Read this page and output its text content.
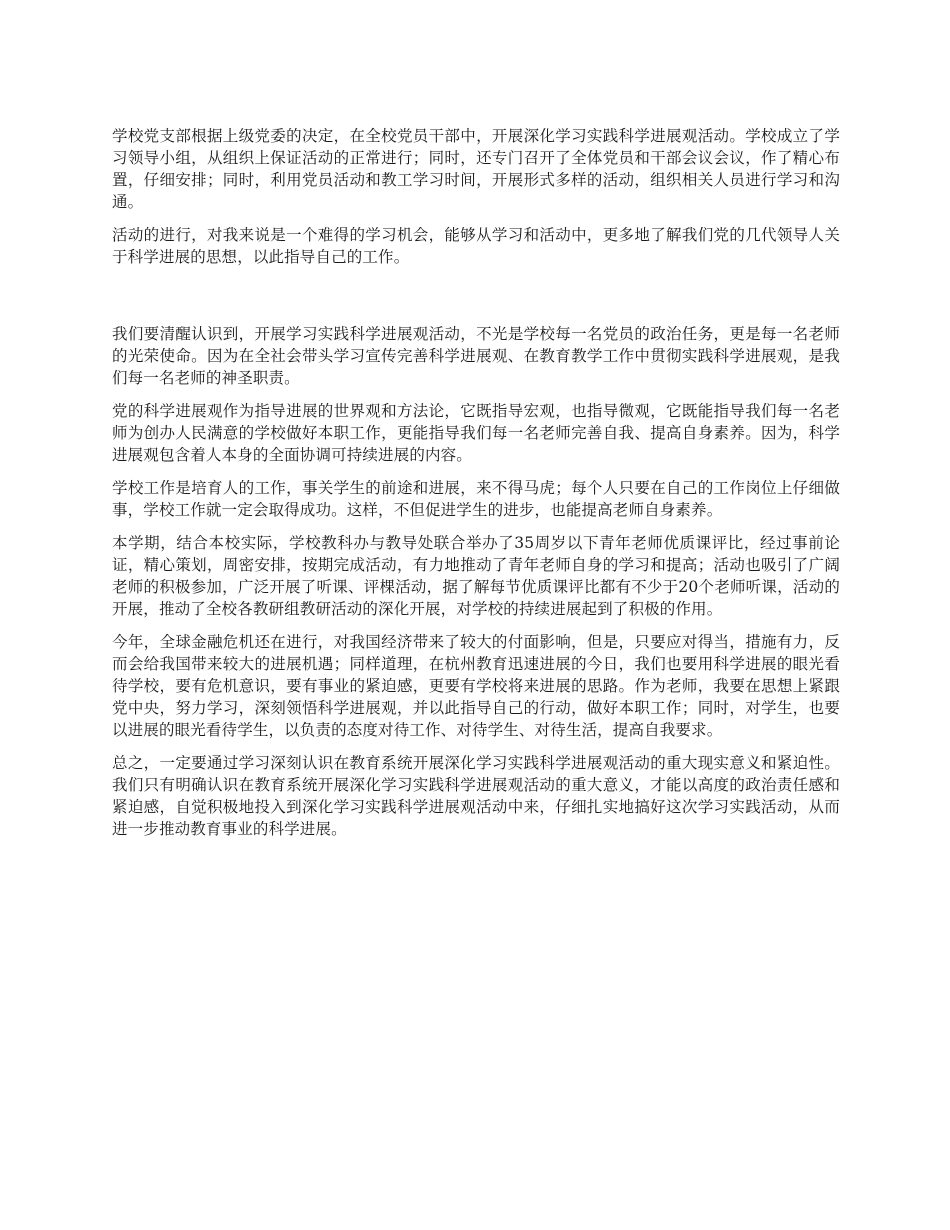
学校党支部根据上级党委的决定，在全校党员干部中，开展深化学习实践科学进展观活动。学校成立了学习领导小组，从组织上保证活动的正常进行；同时，还专门召开了全体党员和干部会议会议，作了精心布置，仔细安排；同时，利用党员活动和教工学习时间，开展形式多样的活动，组织相关人员进行学习和沟通。

活动的进行，对我来说是一个难得的学习机会，能够从学习和活动中，更多地了解我们党的几代领导人关于科学进展的思想，以此指导自己的工作。

我们要清醒认识到，开展学习实践科学进展观活动，不光是学校每一名党员的政治任务，更是每一名老师的光荣使命。因为在全社会带头学习宣传完善科学进展观、在教育教学工作中贯彻实践科学进展观，是我们每一名老师的神圣职责。

党的科学进展观作为指导进展的世界观和方法论，它既指导宏观，也指导微观，它既能指导我们每一名老师为创办人民满意的学校做好本职工作，更能指导我们每一名老师完善自我、提高自身素养。因为，科学进展观包含着人本身的全面协调可持续进展的内容。

学校工作是培育人的工作，事关学生的前途和进展，来不得马虎；每个人只要在自己的工作岗位上仔细做事，学校工作就一定会取得成功。这样，不但促进学生的进步，也能提高老师自身素养。

本学期，结合本校实际，学校教科办与教导处联合举办了35周岁以下青年老师优质课评比，经过事前论证，精心策划，周密安排，按期完成活动，有力地推动了青年老师自身的学习和提高；活动也吸引了广阔老师的积极参加，广泛开展了听课、评棵活动，据了解每节优质课评比都有不少于20个老师听课，活动的开展，推动了全校各教研组教研活动的深化开展，对学校的持续进展起到了积极的作用。

今年，全球金融危机还在进行，对我国经济带来了较大的付面影响，但是，只要应对得当，措施有力，反而会给我国带来较大的进展机遇；同样道理，在杭州教育迅速进展的今日，我们也要用科学进展的眼光看待学校，要有危机意识，要有事业的紧迫感，更要有学校将来进展的思路。作为老师，我要在思想上紧跟党中央，努力学习，深刻领悟科学进展观，并以此指导自己的行动，做好本职工作；同时，对学生，也要以进展的眼光看待学生，以负责的态度对待工作、对待学生、对待生活，提高自我要求。

总之，一定要通过学习深刻认识在教育系统开展深化学习实践科学进展观活动的重大现实意义和紧迫性。我们只有明确认识在教育系统开展深化学习实践科学进展观活动的重大意义，才能以高度的政治责任感和紧迫感，自觉积极地投入到深化学习实践科学进展观活动中来，仔细扎实地搞好这次学习实践活动，从而进一步推动教育事业的科学进展。
